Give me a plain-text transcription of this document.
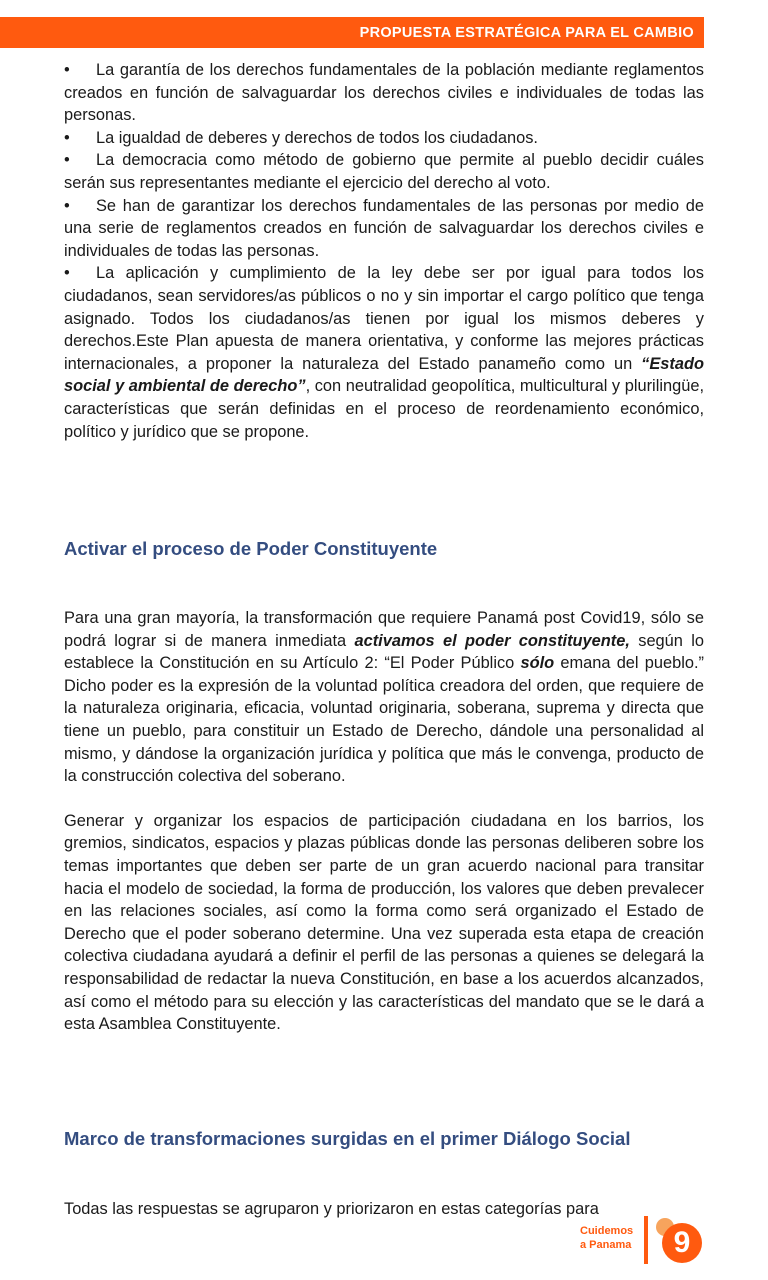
PROPUESTA ESTRATÉGICA PARA EL CAMBIO

• La garantía de los derechos fundamentales de la población mediante reglamentos creados en función de salvaguardar los derechos civiles e individuales de todas las personas.

• La igualdad de deberes y derechos de todos los ciudadanos.

• La democracia como método de gobierno que permite al pueblo decidir cuáles serán sus representantes mediante el ejercicio del derecho al voto.

• Se han de garantizar los derechos fundamentales de las personas por medio de una serie de reglamentos creados en función de salvaguardar los derechos civiles e individuales de todas las personas.

• La aplicación y cumplimiento de la ley debe ser por igual para todos los ciudadanos, sean servidores/as públicos o no y sin importar el cargo político que tenga asignado. Todos los ciudadanos/as tienen por igual los mismos deberes y derechos.Este Plan apuesta de manera orientativa, y conforme las mejores prácticas internacionales, a proponer la naturaleza del Estado panameño como un “Estado social y ambiental de derecho”, con neutralidad geopolítica, multicultural y plurilingüe, características que serán definidas en el proceso de reordenamiento económico, político y jurídico que se propone.

Activar el proceso de Poder Constituyente

Para una gran mayoría, la transformación que requiere Panamá post Covid19, sólo se podrá lograr si de manera inmediata activamos el poder constituyente, según lo establece la Constitución en su Artículo 2: “El Poder Público sólo emana del pueblo.” Dicho poder es la expresión de la voluntad política creadora del orden, que requiere de la naturaleza originaria, eficacia, voluntad originaria, soberana, suprema y directa que tiene un pueblo, para constituir un Estado de Derecho, dándole una personalidad al mismo, y dándose la organización jurídica y política que más le convenga, producto de la construcción colectiva del soberano.

Generar y organizar los espacios de participación ciudadana en los barrios, los gremios, sindicatos, espacios y plazas públicas donde las personas deliberen sobre los temas importantes que deben ser parte de un gran acuerdo nacional para transitar hacia el modelo de sociedad, la forma de producción, los valores que deben prevalecer en las relaciones sociales, así como la forma como será organizado el Estado de Derecho que el poder soberano determine. Una vez superada esta etapa de creación colectiva ciudadana ayudará a definir el perfil de las personas a quienes se delegará la responsabilidad de redactar la nueva Constitución, en base a los acuerdos alcanzados, así como el método para su elección y las características del mandato que se le dará a esta Asamblea Constituyente.

Marco de transformaciones surgidas en el primer Diálogo Social

Todas las respuestas se agruparon y priorizaron en estas categorías para

Cuidemos
a Panama	9
